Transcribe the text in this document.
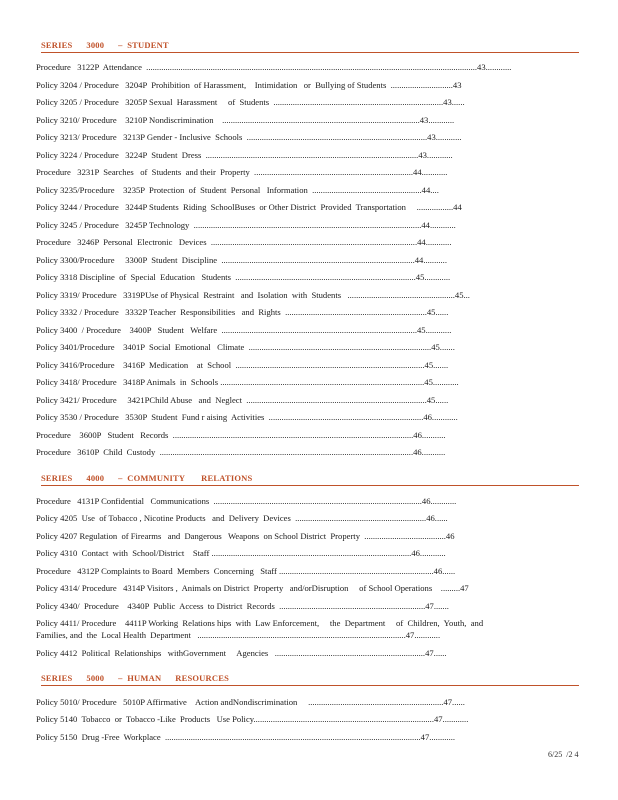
SERIES      3000      –  STUDENT
SERIES      4000      –  COMMUNITY       RELATIONS
SERIES      5000      –  HUMAN      RESOURCES
Procedure   3122P  Attendance  ..........................................................................................................................................................43............
Policy 3204 / Procedure   3204P  Prohibition  of Harassment,    Intimidation   or  Bullying of Students  .............................43
Policy 3205 / Procedure   3205P Sexual  Harassment     of  Students  ...............................................................................43......
Policy 3210/ Procedure    3210P Nondiscrimination    ............................................................................................43............
Policy 3213/ Procedure   3213P Gender - Inclusive  Schools  ....................................................................................43............
Policy 3224 / Procedure   3224P  Student  Dress  ...................................................................................................43............
Procedure   3231P  Searches   of  Students  and their  Property  ..........................................................................44............
Policy 3235/Procedure    3235P  Protection  of  Student  Personal   Information  ...................................................44....
Policy 3244 / Procedure   3244P Students  Riding  SchoolBuses  or Other District  Provided  Transportation     .................44
Policy 3245 / Procedure   3245P Technology  ..........................................................................................................44............
Procedure   3246P  Personal  Electronic   Devices  ................................................................................................44............
Policy 3300/Procedure     3300P  Student  Discipline  ..........................................................................................44...........
Policy 3318 Discipline  of  Special  Education   Students  ....................................................................................45............
Policy 3319/ Procedure   3319PUse of Physical  Restraint   and  Isolation  with  Students   ..................................................45...
Policy 3332 / Procedure   3332P Teacher  Responsibilities   and  Rights  ..................................................................45......
Policy 3400  / Procedure    3400P   Student   Welfare  ...........................................................................................45............
Policy 3401/Procedure    3401P  Social  Emotional   Climate  .....................................................................................45.......
Policy 3416/Procedure    3416P  Medication    at  School  ........................................................................................45.......
Policy 3418/ Procedure   3418P Animals  in  Schools ...............................................................................................45............
Policy 3421/ Procedure     3421PChild Abuse   and  Neglect  ....................................................................................45......
Policy 3530 / Procedure   3530P  Student  Fund r aising  Activities  ........................................................................46............
Procedure    3600P   Student   Records  ................................................................................................................46...........
Procedure   3610P  Child  Custody  ......................................................................................................................46...........
Procedure   4131P Confidential   Communications  .................................................................................................46............
Policy 4205  Use  of Tobacco , Nicotine Products   and  Delivery  Devices  .............................................................46......
Policy 4207 Regulation  of Firearms   and  Dangerous   Weapons  on School District  Property  ......................................46
Policy 4310  Contact  with  School/District    Staff .............................................................................................46............
Procedure   4312P Complaints to Board  Members  Concerning   Staff ........................................................................46......
Policy 4314/ Procedure   4314P Visitors ,  Animals on District  Property   and/orDisruption     of School Operations    .........47
Policy 4340/  Procedure    4340P  Public  Access  to District  Records  ....................................................................47.......
Policy 4411/ Procedure    4411P Working  Relations hips  with  Law Enforcement,     the  Department     of  Children,  Youth,  and
Families, and  the  Local Health  Department   .................................................................................................47............
Policy 4412  Political  Relationships   withGovernment     Agencies   ......................................................................47......
Policy 5010/ Procedure   5010P Affirmative    Action andNondiscrimination     ...............................................................47......
Policy 5140  Tobacco  or  Tobacco -Like  Products   Use Policy....................................................................................47............
Policy 5150  Drug -Free  Workplace  .......................................................................................................................47............
6/25  /2 4
